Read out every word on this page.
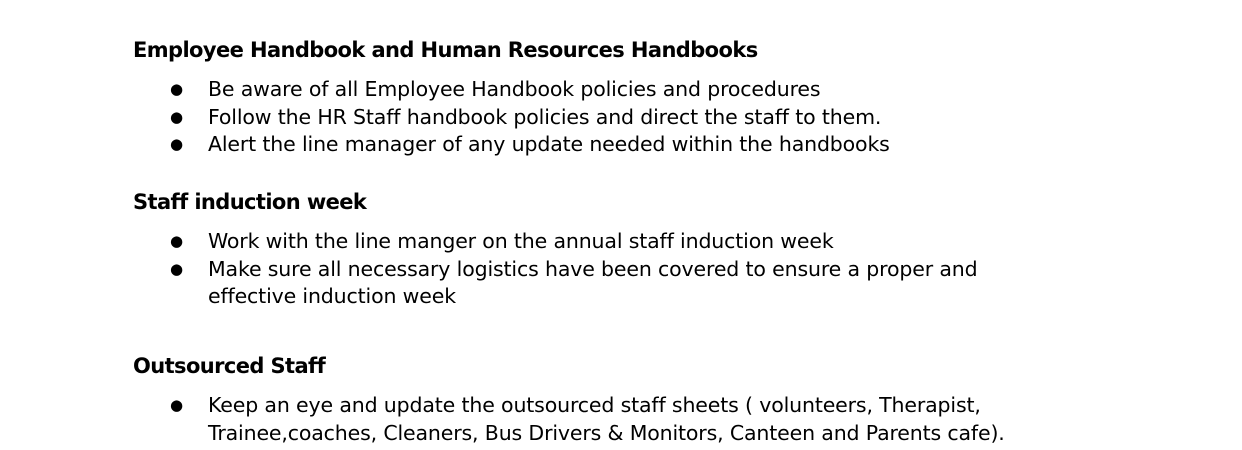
Employee Handbook and Human Resources Handbooks
● Be aware of all Employee Handbook policies and procedures
● Follow the HR Staff handbook policies and direct the staff to them.
● Alert the line manager of any update needed within the handbooks
Staff induction week
● Work with the line manger on the annual staff induction week
● Make sure all necessary logistics have been covered to ensure a proper and
effective induction week
Outsourced Staff
● Keep an eye and update the outsourced staff sheets ( volunteers, Therapist,
Trainee,coaches, Cleaners, Bus Drivers & Monitors, Canteen and Parents cafe).
